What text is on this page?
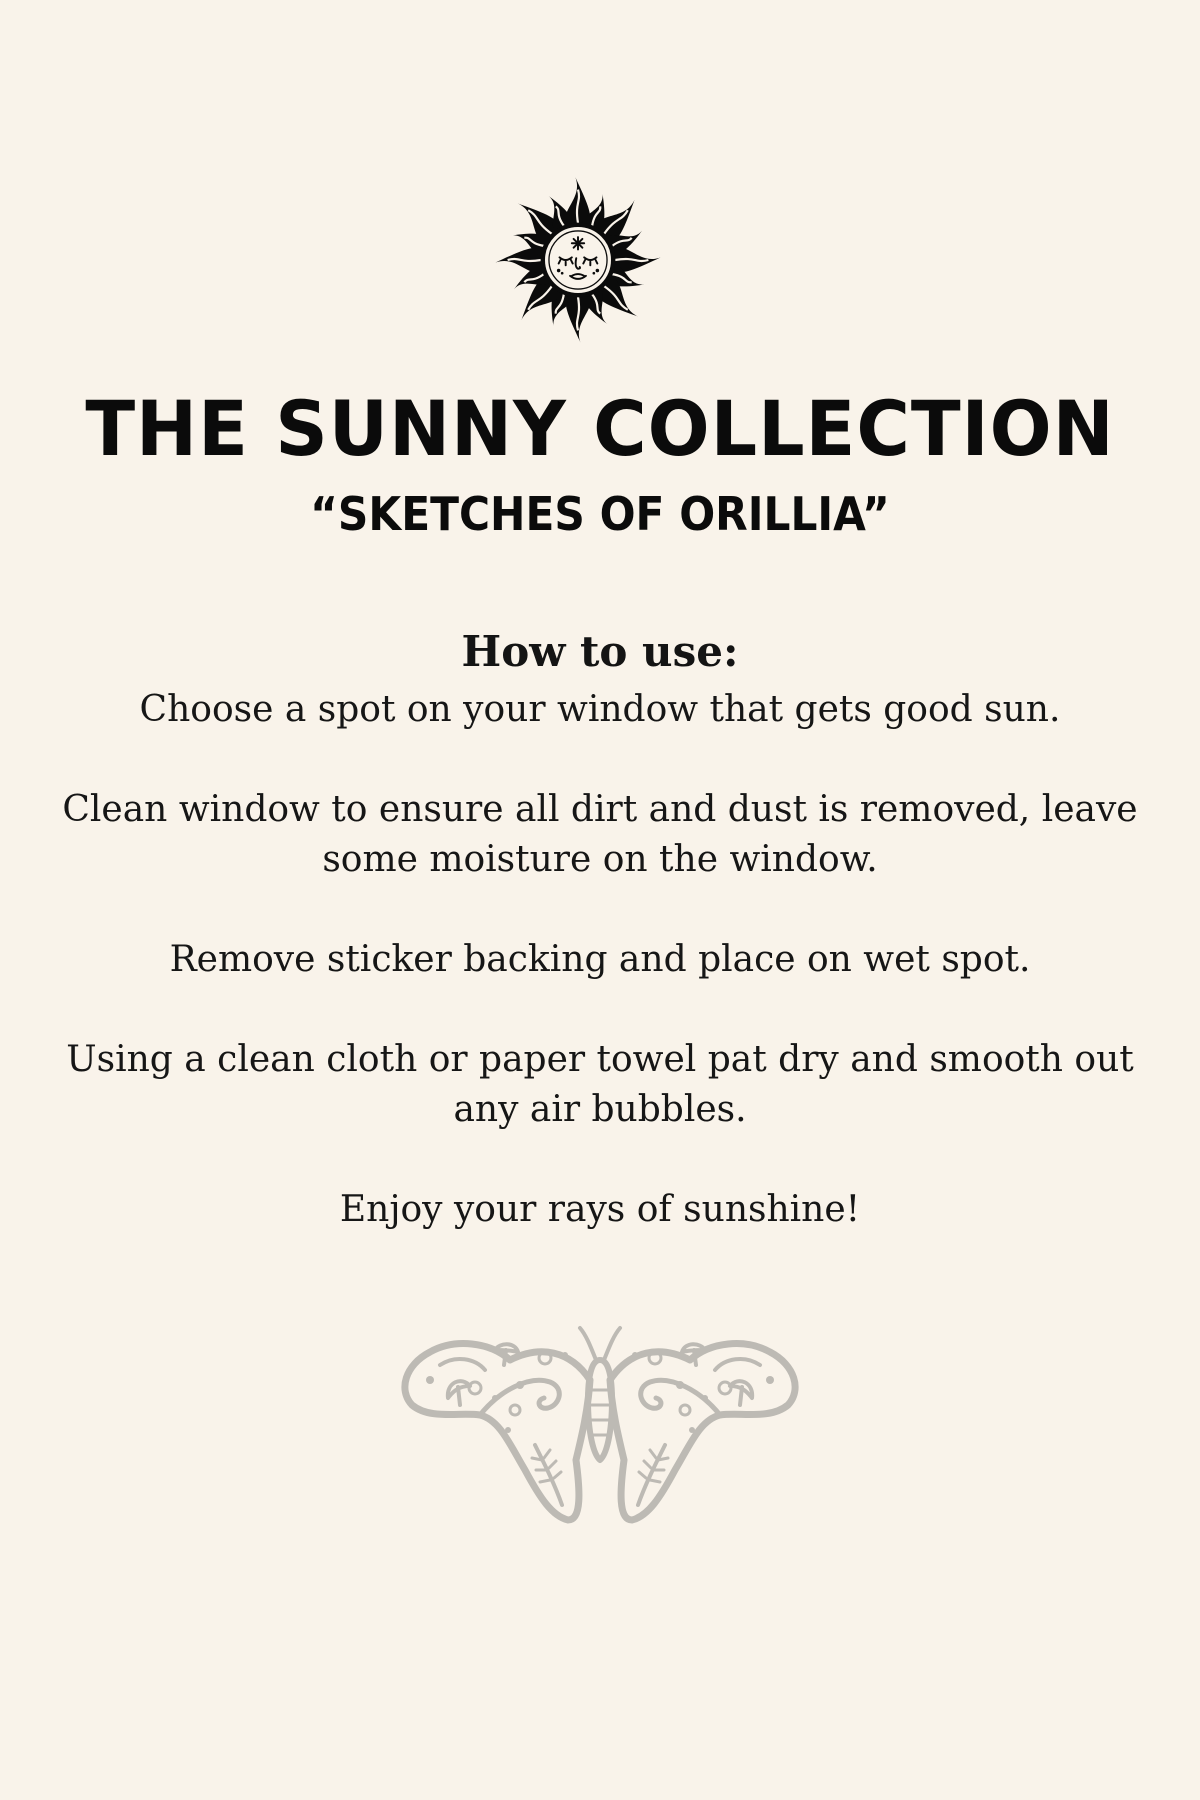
THE SUNNY COLLECTION
“SKETCHES OF ORILLIA”
How to use:
Choose a spot on your window that gets good sun.
Clean window to ensure all dirt and dust is removed, leave some moisture on the window.
Remove sticker backing and place on wet spot.
Using a clean cloth or paper towel pat dry and smooth out any air bubbles.
Enjoy your rays of sunshine!
